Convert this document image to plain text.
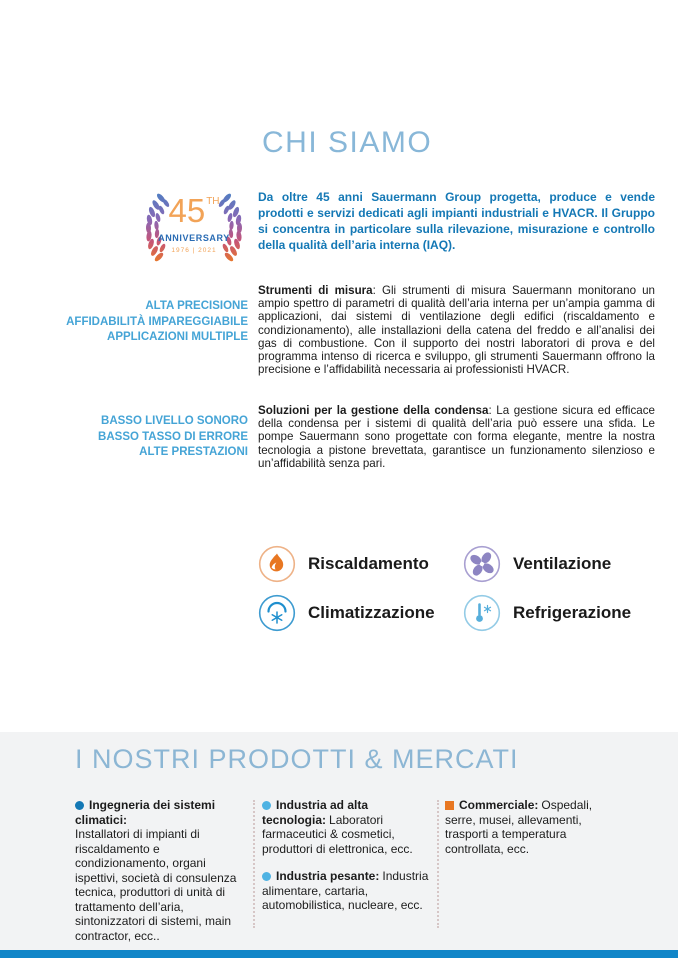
CHI SIAMO
45TH
ANNIVERSARY
1976 | 2021

Da oltre 45 anni Sauermann Group progetta, produce e vende prodotti e servizi dedicati agli impianti industriali e HVACR. Il Gruppo si concentra in particolare sulla rilevazione, misurazione e controllo della qualità dell’aria interna (IAQ).

ALTA PRECISIONE
AFFIDABILITÀ IMPAREGGIABILE
APPLICAZIONI MULTIPLE

Strumenti di misura: Gli strumenti di misura Sauermann monitorano un ampio spettro di parametri di qualità dell’aria interna per un’ampia gamma di applicazioni, dai sistemi di ventilazione degli edifici (riscaldamento e condizionamento), alle installazioni della catena del freddo e all’analisi dei gas di combustione. Con il supporto dei nostri laboratori di prova e del programma intenso di ricerca e sviluppo, gli strumenti Sauermann offrono la precisione e l’affidabilità necessaria ai professionisti HVACR.

BASSO LIVELLO SONORO
BASSO TASSO DI ERRORE
ALTE PRESTAZIONI

Soluzioni per la gestione della condensa: La gestione sicura ed efficace della condensa per i sistemi di qualità dell’aria può essere una sfida. Le pompe Sauermann sono progettate con forma elegante, mentre la nostra tecnologia a pistone brevettata, garantisce un funzionamento silenzioso e un’affidabilità senza pari.

Riscaldamento	Ventilazione
Climatizzazione	Refrigerazione
I NOSTRI PRODOTTI & MERCATI

Ingegneria dei sistemi climatici:

Installatori di impianti di riscaldamento e condizionamento, organi ispettivi, società di consulenza tecnica, produttori di unità di trattamento dell’aria, sintonizzatori di sistemi, main contractor, ecc..

Industria ad alta tecnologia: Laboratori farmaceutici & cosmetici, produttori di elettronica, ecc.

Industria pesante: Industria alimentare, cartaria, automobilistica, nucleare, ecc.

Commerciale: Ospedali, serre, musei, allevamenti, trasporti a temperatura controllata, ecc.
